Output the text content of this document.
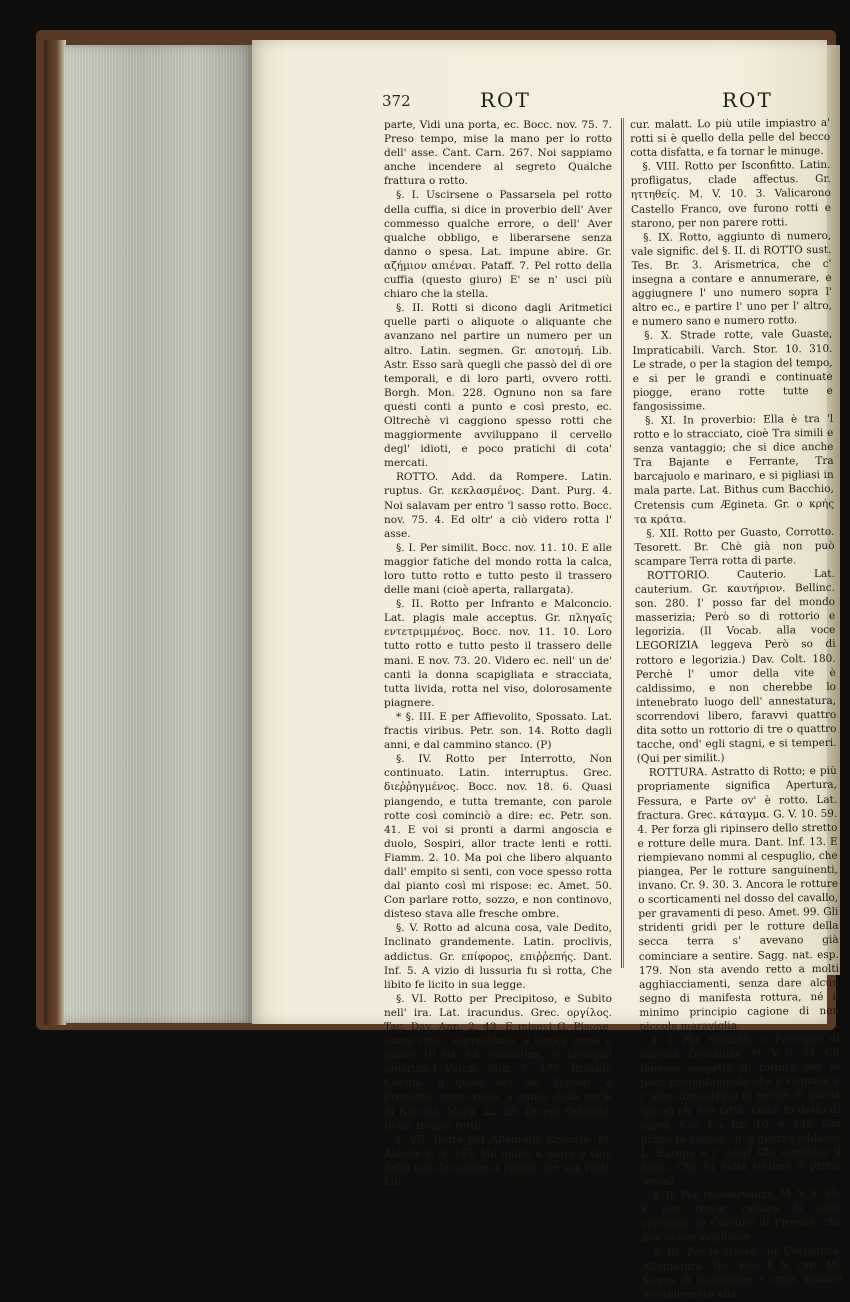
372	ROT	ROT

parte, Vidi una porta, ec. Bocc. nov. 75. 7. Preso tempo, mise la mano per lo rotto dell' asse. Cant. Carn. 267. Noi sappiamo anche incendere al segreto Qualche frattura o rotto.

§. I. Uscirsene o Passarsela pel rotto della cuffia, si dice in proverbio dell' Aver commesso qualche errore, o dell' Aver qualche obbligo, e liberarsene senza danno o spesa. Lat. impune abire. Gr. αζήμιον απιέναι. Pataff. 7. Pel rotto della cuffia (questo giuro) E' se n' usci più chiaro che la stella.

§. II. Rotti si dicono dagli Aritmetici quelle parti o aliquote o aliquante che avanzano nel partire un numero per un altro. Latin. segmen. Gr. αποτομή. Lib. Astr. Esso sarà quegli che passò del dì ore temporali, e di loro parti, ovvero rotti. Borgh. Mon. 228. Ognuno non sa fare questi conti a punto e così presto, ec. Oltrechè vi caggiono spesso rotti che maggiormente avviluppano il cervello degl' idioti, e poco pratichi di cota' mercati.

ROTTO. Add. da Rompere. Latin. ruptus. Gr. κεκλασμένος. Dant. Purg. 4. Noi salavam per entro 'l sasso rotto. Bocc. nov. 75. 4. Ed oltr' a ciò videro rotta l' asse.

§. I. Per similit. Bocc. nov. 11. 10. E alle maggior fatiche del mondo rotta la calca, loro tutto rotto e tutto pesto il trassero delle mani (cioè aperta, rallargata).

§. II. Rotto per Infranto e Malconcio. Lat. plagis male acceptus. Gr. πληγαῖς εντετριμμένος. Bocc. nov. 11. 10. Loro tutto rotto e tutto pesto il trassero delle mani. E nov. 73. 20. Videro ec. nell' un de' canti la donna scapigliata e stracciata, tutta livida, rotta nel viso, dolorosamente piagnere.

* §. III. E per Affievolito, Spossato. Lat. fractis viribus. Petr. son. 14. Rotto dagli anni, e dal cammino stanco. (P)

§. IV. Rotto per Interrotto, Non continuato. Latin. interruptus. Grec. διεῤῥηγμένος. Bocc. nov. 18. 6. Quasi piangendo, e tutta tremante, con parole rotte così cominciò a dire: ec. Petr. son. 41. E voi si pronti a darmi angoscia e duolo, Sospiri, allor tracte lenti e rotti. Fiamm. 2. 10. Ma poi che libero alquanto dall' empito si senti, con voce spesso rotta dal pianto così mi rispose: ec. Amet. 50. Con parlare rotto, sozzo, e non continovo, disteso stava alle fresche ombre.

§. V. Rotto ad alcuna cosa, vale Dedito, Inclinato grandemente. Latin. proclivis, addictus. Gr. επίφορος, επιῤῥεπής. Dant. Inf. 5. A vizio di lussuria fu sì rotta, Che libito fe licito in sua legge.

§. VI. Rotto per Precipitoso, e Subito nell' ira. Lat. iracundus. Grec. οργίλος. Tac. Dav. Ann. 2. 43. E misevi G. Pisone, uomo rotto, soprastante, e feroce come il padre. (Il lat. ha: violentum, et obsequii ignarum.) Varch. Stor. 7. 177. Rinaldo Corsini, il quale era de' Signori, e Proposto, uomo rotto, e amico della parte di Niccolò. Morg. 22. 20. Diceva Orlando: tu se' troppo rotto.

§. VII. Rotto per Allentato, Crepato. M. Aldobr. P. N. 163. Val molto a usare il vino della sua decozione a coloro che son rotti. Lib.

cur. malatt. Lo più utile impiastro a' rotti si è quello della pelle del becco cotta disfatta, e fa tornar le minuge.

§. VIII. Rotto per Isconfitto. Latin. profligatus, clade affectus. Gr. ηττηθείς. M. V. 10. 3. Valicarono Castello Franco, ove furono rotti e starono, per non parere rotti.

§. IX. Rotto, aggiunto di numero, vale signific. del §. II. di ROTTO sust. Tes. Br. 3. Arismetrica, che c' insegna a contare e annumerare, e aggiugnere l' uno numero sopra l' altro ec., e partire l' uno per l' altro, e numero sano e numero rotto.

§. X. Strade rotte, vale Guaste, Impraticabili. Varch. Stor. 10. 310. Le strade, o per la stagion del tempo, e si per le grandi e continuate piogge, erano rotte tutte e fangosissime.

§. XI. In proverbio: Ella è tra 'l rotto e lo stracciato, cioè Tra simili e senza vantaggio; che si dice anche Tra Bajante e Ferrante, Tra barcajuolo e marinaro, e si pigliasi in mala parte. Lat. Bithus cum Bacchio, Cretensis cum Æginetа. Gr. ο κρής τα κράτα.

§. XII. Rotto per Guasto, Corrotto. Tesorett. Br. Chè già non può scampare Terra rotta di parte.

ROTTORIO. Cauterio. Lat. cauterium. Gr. καυτήριον. Bellinc. son. 280. I' posso far del mondo masserizia; Però so di rottorio e legorizia. (Il Vocab. alla voce LEGORIZIA leggeva Però so di rottoro e legorizia.) Dav. Colt. 180. Perchè l' umor della vite è caldissimo, e non cherebbe lo intenebrato luogo dell' annestatura, scorrendovi libero, faravvi quattro dita sotto un rottorio di tre o quattro tacche, ond' egli stagni, e si temperi. (Qui per similit.)

ROTTURA. Astratto di Rotto; e più propriamente significa Apertura, Fessura, e Parte ov' è rotto. Lat. fractura. Grec. κάταγμα. G. V. 10. 59. 4. Per forza gli ripinsero dello stretto e rotture delle mura. Dant. Inf. 13. E riempievano nommi al cespuglio, che piangea, Per le rotture sanguinenti, invano. Cr. 9. 30. 3. Ancora le rotture o scorticamenti nel dosso del cavallo, per gravamenti di peso. Amet. 99. Gli stridenti gridi per le rotture della secca terra s' avevano già cominciare a sentire. Sagg. nat. esp. 179. Non sta avendo retto a molti agghiacciamenti, senza dare alcun segno di manifesta rottura, né il minimo principio cagione di non piccola maraviglia.

§. I. Per Nimistà, o Principio di nimistà, Disunione. M. V. 9. 44. Gli tenesse sospetto di rottura per lo poco contentamento che il Comune e l' altro dimostrava in parole di quella (pace) ch' era fatta, come fu detto di sopra. Car. En. lib. 10. v. 145. Chi prima fu cagion ch' a guerra addusse L' Europa e l' Asia? Chi commise il furto, Che fu della rottura il primo seme?

§. II. Per Inosservanza. M. V. 9. 85. E con trovar rottura di pace scrissono al Comune di Firenze, che non si maravigliasse.

§. III. Per lo stesso che Crepatura, Allentatura. Tes. Pov. P. S. cap. 46. Sugna di testuggine e orina ajutano mirabilmente alla
